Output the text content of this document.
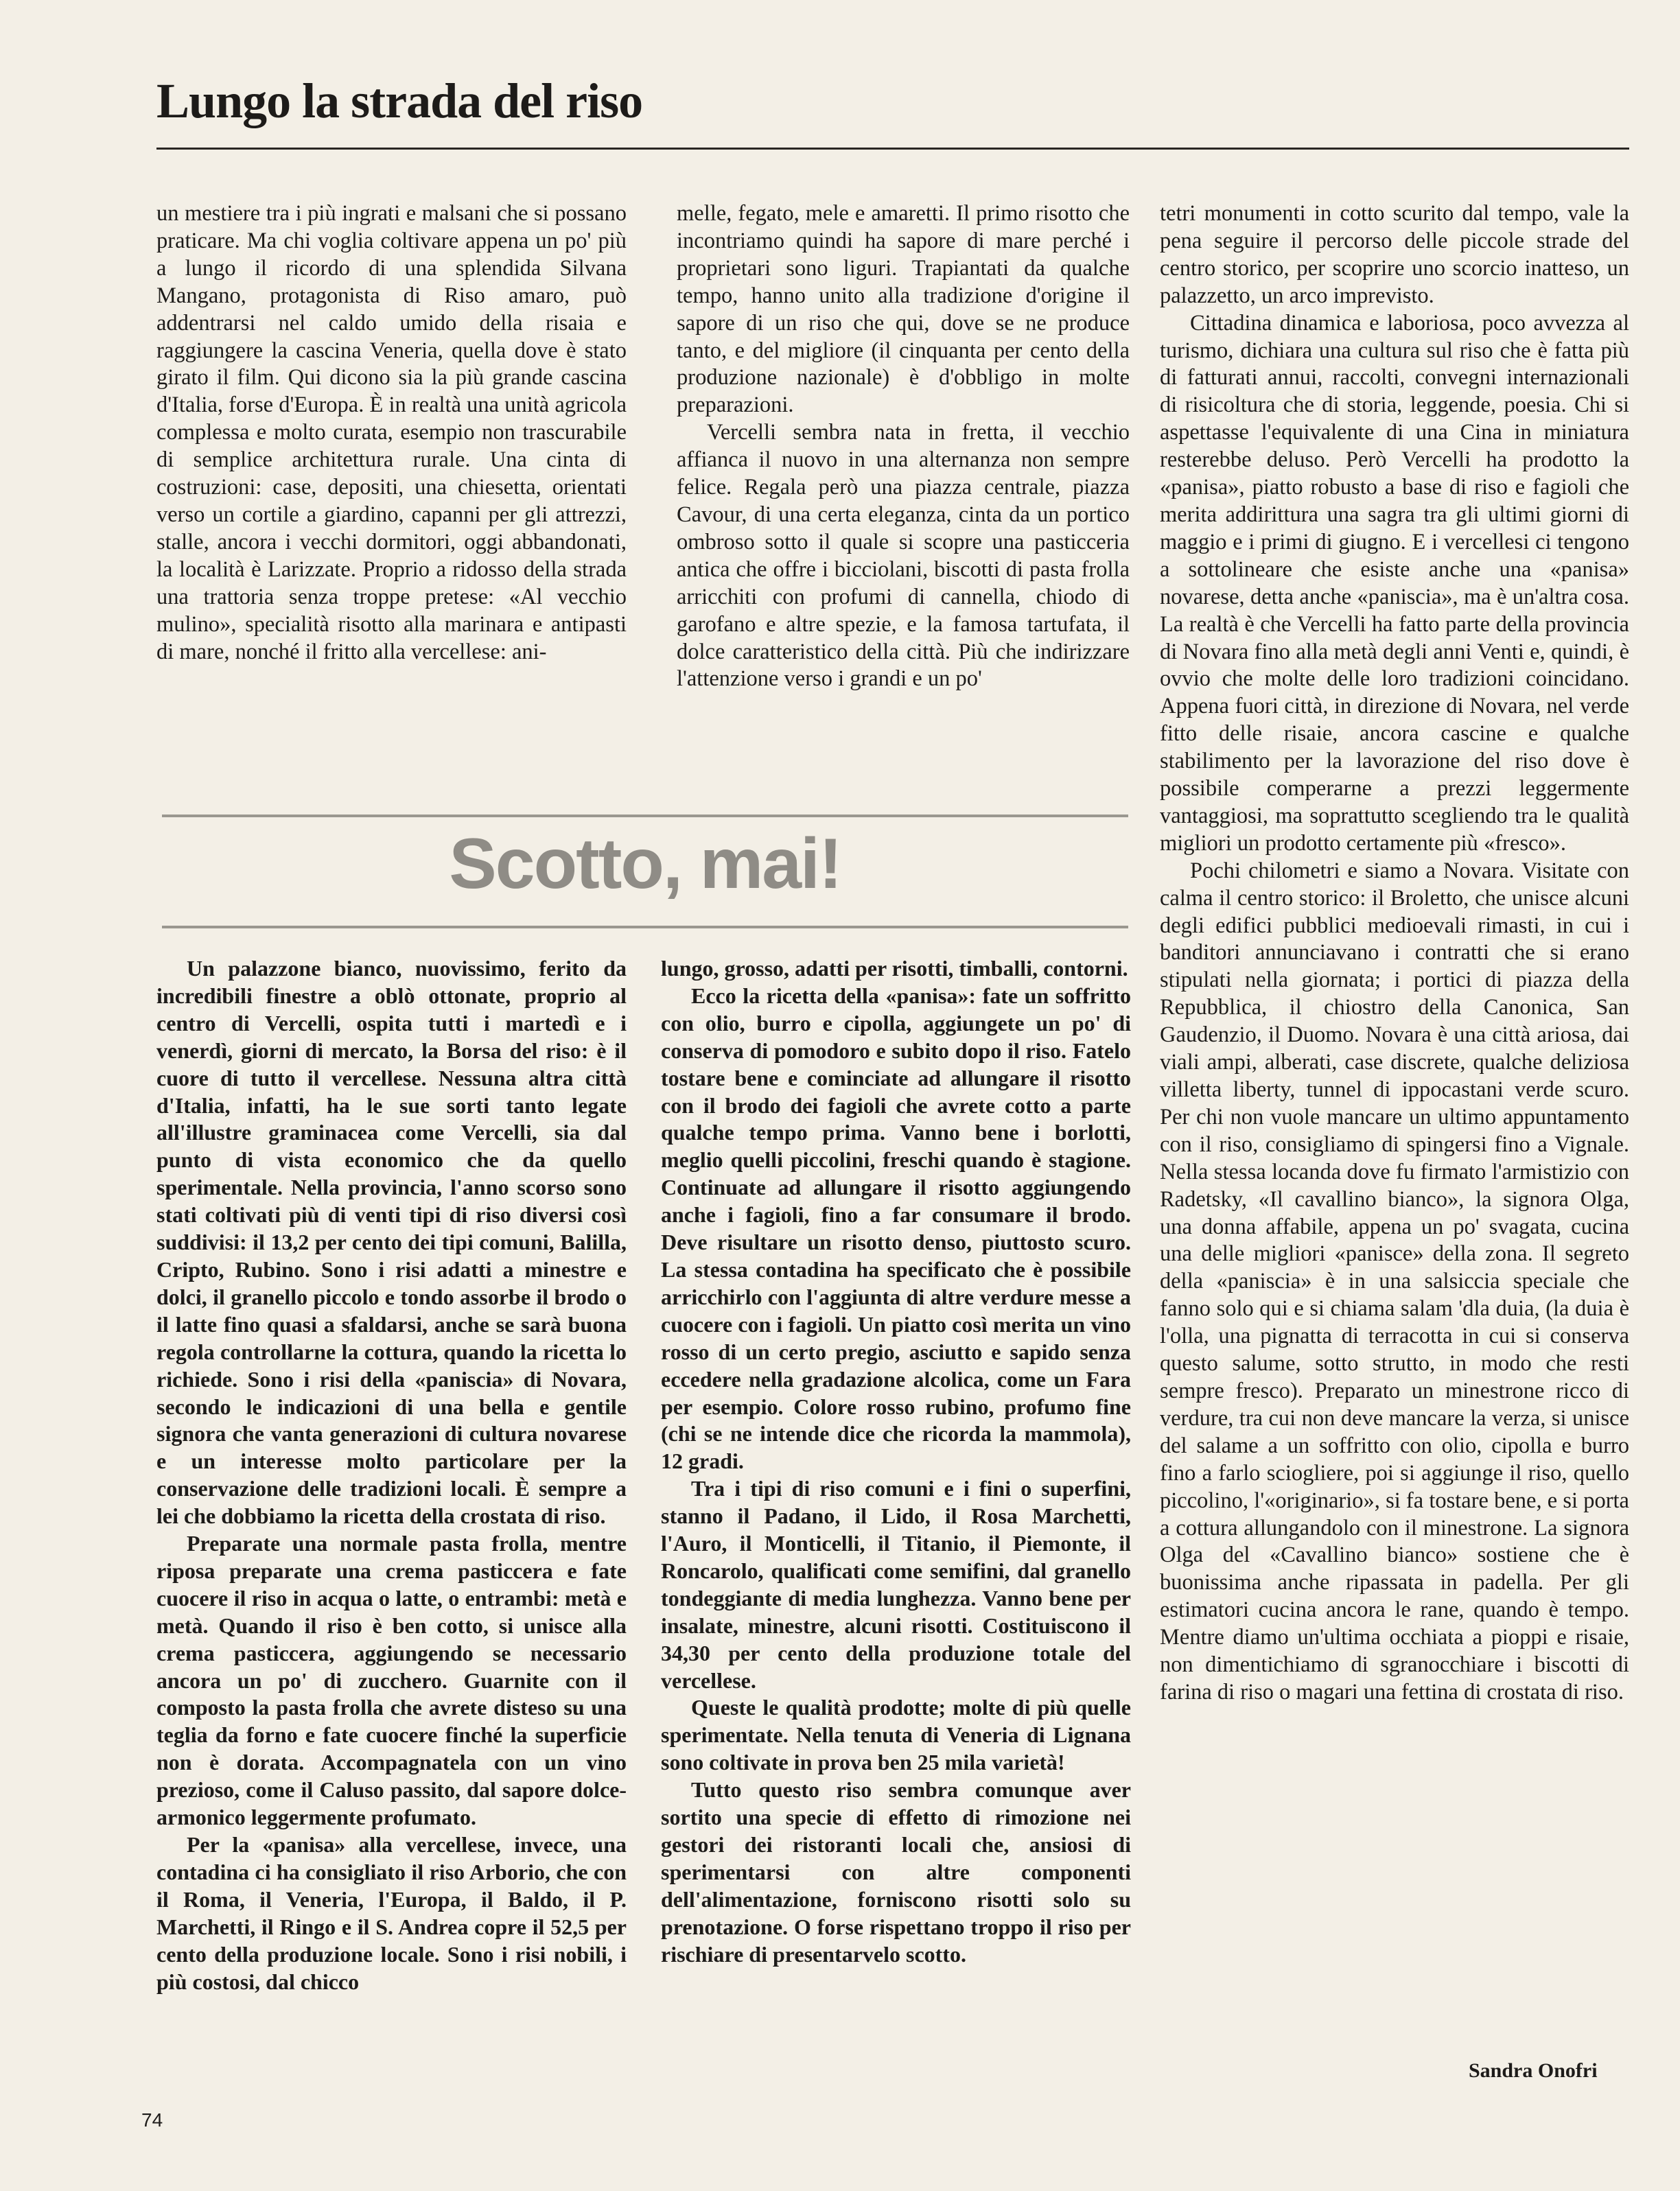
Lungo la strada del riso

un mestiere tra i più ingrati e malsani che si possano praticare. Ma chi voglia coltivare appena un po' più a lungo il ricordo di una splendida Silvana Mangano, protagonista di Riso amaro, può addentrarsi nel caldo umido della risaia e raggiungere la cascina Veneria, quella dove è stato girato il film. Qui dicono sia la più grande cascina d'Italia, forse d'Europa. È in realtà una unità agricola complessa e molto curata, esempio non trascurabile di semplice architettura rurale. Una cinta di costruzioni: case, depositi, una chiesetta, orientati verso un cortile a giardino, capanni per gli attrezzi, stalle, ancora i vecchi dormitori, oggi abbandonati, la località è Larizzate. Proprio a ridosso della strada una trattoria senza troppe pretese: «Al vecchio mulino», specialità risotto alla marinara e antipasti di mare, nonché il fritto alla vercellese: ani-

melle, fegato, mele e amaretti. Il primo risotto che incontriamo quindi ha sapore di mare perché i proprietari sono liguri. Trapiantati da qualche tempo, hanno unito alla tradizione d'origine il sapore di un riso che qui, dove se ne produce tanto, e del migliore (il cinquanta per cento della produzione nazionale) è d'obbligo in molte preparazioni.

Vercelli sembra nata in fretta, il vecchio affianca il nuovo in una alternanza non sempre felice. Regala però una piazza centrale, piazza Cavour, di una certa eleganza, cinta da un portico ombroso sotto il quale si scopre una pasticceria antica che offre i bicciolani, biscotti di pasta frolla arricchiti con profumi di cannella, chiodo di garofano e altre spezie, e la famosa tartufata, il dolce caratteristico della città. Più che indirizzare l'attenzione verso i grandi e un po'

tetri monumenti in cotto scurito dal tempo, vale la pena seguire il percorso delle piccole strade del centro storico, per scoprire uno scorcio inatteso, un palazzetto, un arco imprevisto.

Cittadina dinamica e laboriosa, poco avvezza al turismo, dichiara una cultura sul riso che è fatta più di fatturati annui, raccolti, convegni internazionali di risicoltura che di storia, leggende, poesia. Chi si aspettasse l'equivalente di una Cina in miniatura resterebbe deluso. Però Vercelli ha prodotto la «panisa», piatto robusto a base di riso e fagioli che merita addirittura una sagra tra gli ultimi giorni di maggio e i primi di giugno. E i vercellesi ci tengono a sottolineare che esiste anche una «panisa» novarese, detta anche «paniscia», ma è un'altra cosa. La realtà è che Vercelli ha fatto parte della provincia di Novara fino alla metà degli anni Venti e, quindi, è ovvio che molte delle loro tradizioni coincidano. Appena fuori città, in direzione di Novara, nel verde fitto delle risaie, ancora cascine e qualche stabilimento per la lavorazione del riso dove è possibile comperarne a prezzi leggermente vantaggiosi, ma soprattutto scegliendo tra le qualità migliori un prodotto certamente più «fresco».

Pochi chilometri e siamo a Novara. Visitate con calma il centro storico: il Broletto, che unisce alcuni degli edifici pubblici medioevali rimasti, in cui i banditori annunciavano i contratti che si erano stipulati nella giornata; i portici di piazza della Repubblica, il chiostro della Canonica, San Gaudenzio, il Duomo. Novara è una città ariosa, dai viali ampi, alberati, case discrete, qualche deliziosa villetta liberty, tunnel di ippocastani verde scuro. Per chi non vuole mancare un ultimo appuntamento con il riso, consigliamo di spingersi fino a Vignale. Nella stessa locanda dove fu firmato l'armistizio con Radetsky, «Il cavallino bianco», la signora Olga, una donna affabile, appena un po' svagata, cucina una delle migliori «panisce» della zona. Il segreto della «paniscia» è in una salsiccia speciale che fanno solo qui e si chiama salam 'dla duia, (la duia è l'olla, una pignatta di terracotta in cui si conserva questo salume, sotto strutto, in modo che resti sempre fresco). Preparato un minestrone ricco di verdure, tra cui non deve mancare la verza, si unisce del salame a un soffritto con olio, cipolla e burro fino a farlo sciogliere, poi si aggiunge il riso, quello piccolino, l'«originario», si fa tostare bene, e si porta a cottura allungandolo con il minestrone. La signora Olga del «Cavallino bianco» sostiene che è buonissima anche ripassata in padella. Per gli estimatori cucina ancora le rane, quando è tempo. Mentre diamo un'ultima occhiata a pioppi e risaie, non dimentichiamo di sgranocchiare i biscotti di farina di riso o magari una fettina di crostata di riso.

Scotto, mai!

Un palazzone bianco, nuovissimo, ferito da incredibili finestre a oblò ottonate, proprio al centro di Vercelli, ospita tutti i martedì e i venerdì, giorni di mercato, la Borsa del riso: è il cuore di tutto il vercellese. Nessuna altra città d'Italia, infatti, ha le sue sorti tanto legate all'illustre graminacea come Vercelli, sia dal punto di vista economico che da quello sperimentale. Nella provincia, l'anno scorso sono stati coltivati più di venti tipi di riso diversi così suddivisi: il 13,2 per cento dei tipi comuni, Balilla, Cripto, Rubino. Sono i risi adatti a minestre e dolci, il granello piccolo e tondo assorbe il brodo o il latte fino quasi a sfaldarsi, anche se sarà buona regola controllarne la cottura, quando la ricetta lo richiede. Sono i risi della «paniscia» di Novara, secondo le indicazioni di una bella e gentile signora che vanta generazioni di cultura novarese e un interesse molto particolare per la conservazione delle tradizioni locali. È sempre a lei che dobbiamo la ricetta della crostata di riso.

Preparate una normale pasta frolla, mentre riposa preparate una crema pasticcera e fate cuocere il riso in acqua o latte, o entrambi: metà e metà. Quando il riso è ben cotto, si unisce alla crema pasticcera, aggiungendo se necessario ancora un po' di zucchero. Guarnite con il composto la pasta frolla che avrete disteso su una teglia da forno e fate cuocere finché la superficie non è dorata. Accompagnatela con un vino prezioso, come il Caluso passito, dal sapore dolce-armonico leggermente profumato.

Per la «panisa» alla vercellese, invece, una contadina ci ha consigliato il riso Arborio, che con il Roma, il Veneria, l'Europa, il Baldo, il P. Marchetti, il Ringo e il S. Andrea copre il 52,5 per cento della produzione locale. Sono i risi nobili, i più costosi, dal chicco

lungo, grosso, adatti per risotti, timballi, contorni.

Ecco la ricetta della «panisa»: fate un soffritto con olio, burro e cipolla, aggiungete un po' di conserva di pomodoro e subito dopo il riso. Fatelo tostare bene e cominciate ad allungare il risotto con il brodo dei fagioli che avrete cotto a parte qualche tempo prima. Vanno bene i borlotti, meglio quelli piccolini, freschi quando è stagione. Continuate ad allungare il risotto aggiungendo anche i fagioli, fino a far consumare il brodo. Deve risultare un risotto denso, piuttosto scuro. La stessa contadina ha specificato che è possibile arricchirlo con l'aggiunta di altre verdure messe a cuocere con i fagioli. Un piatto così merita un vino rosso di un certo pregio, asciutto e sapido senza eccedere nella gradazione alcolica, come un Fara per esempio. Colore rosso rubino, profumo fine (chi se ne intende dice che ricorda la mammola), 12 gradi.

Tra i tipi di riso comuni e i fini o superfini, stanno il Padano, il Lido, il Rosa Marchetti, l'Auro, il Monticelli, il Titanio, il Piemonte, il Roncarolo, qualificati come semifini, dal granello tondeggiante di media lunghezza. Vanno bene per insalate, minestre, alcuni risotti. Costituiscono il 34,30 per cento della produzione totale del vercellese.

Queste le qualità prodotte; molte di più quelle sperimentate. Nella tenuta di Veneria di Lignana sono coltivate in prova ben 25 mila varietà!

Tutto questo riso sembra comunque aver sortito una specie di effetto di rimozione nei gestori dei ristoranti locali che, ansiosi di sperimentarsi con altre componenti dell'alimentazione, forniscono risotti solo su prenotazione. O forse rispettano troppo il riso per rischiare di presentarvelo scotto.

Sandra Onofri
74
